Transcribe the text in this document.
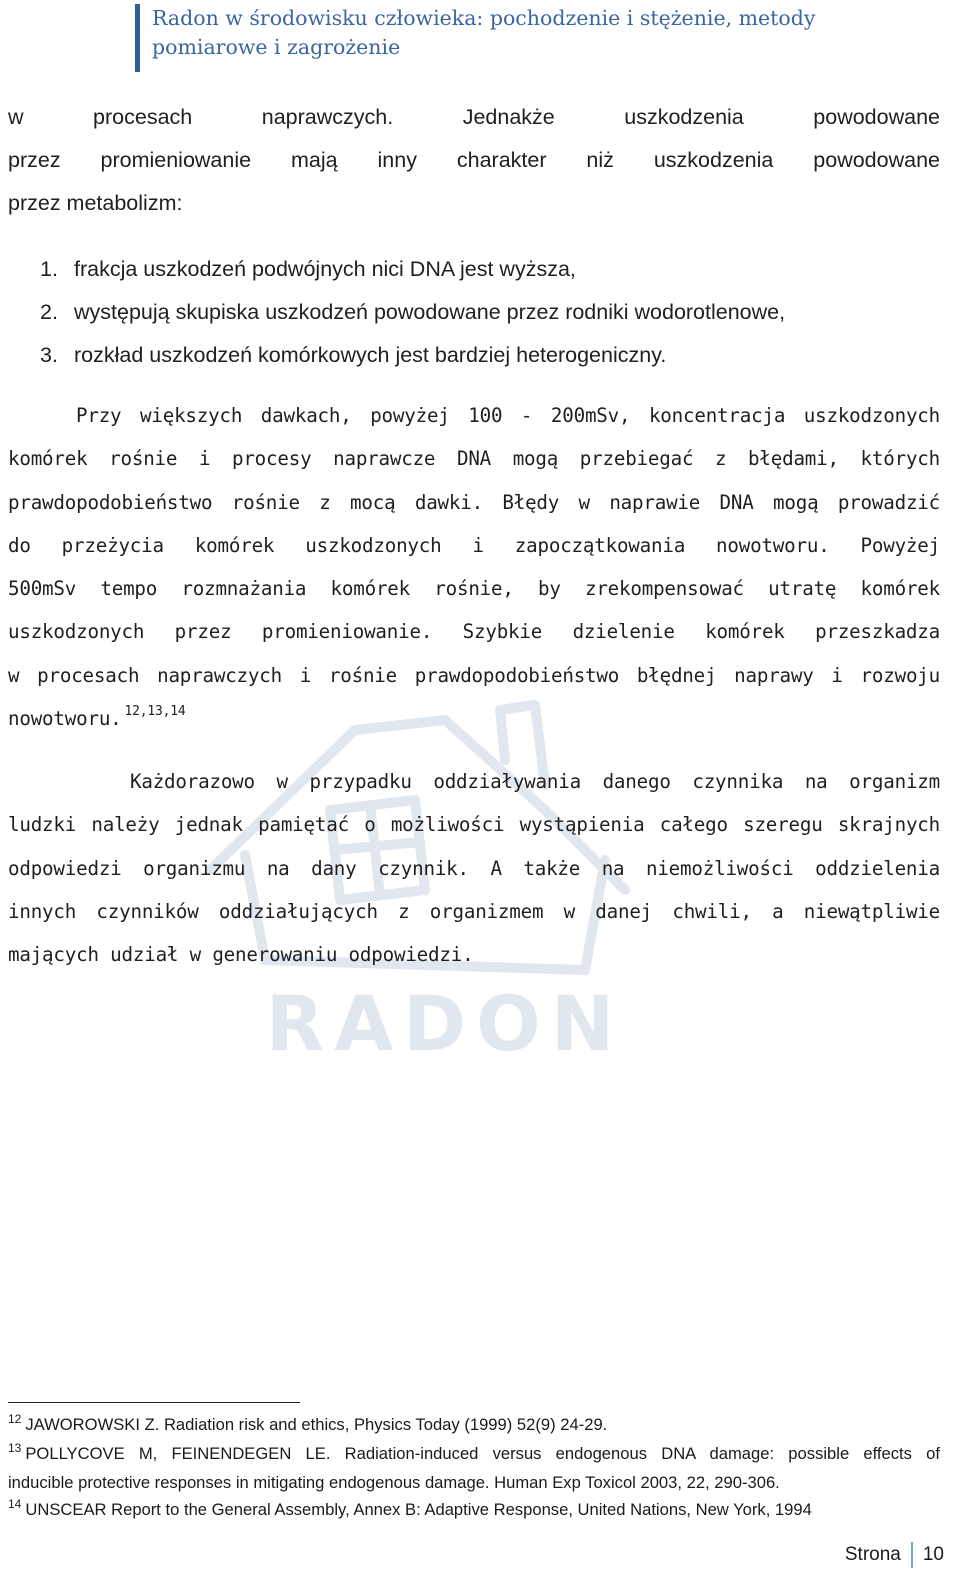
Radon w środowisku człowieka: pochodzenie i stężenie, metody
pomiarowe i zagrożenie
RADON
w procesach naprawczych. Jednakże uszkodzenia powodowane
przez promieniowanie mają inny charakter niż uszkodzenia powodowane
przez metabolizm:
1. frakcja uszkodzeń podwójnych nici DNA jest wyższa,
2. występują skupiska uszkodzeń powodowane przez rodniki wodorotlenowe,
3. rozkład uszkodzeń komórkowych jest bardziej heterogeniczny.
Przy większych dawkach, powyżej 100 - 200mSv, koncentracja uszkodzonych
komórek rośnie i procesy naprawcze DNA mogą przebiegać z błędami, których
prawdopodobieństwo rośnie z mocą dawki. Błędy w naprawie DNA mogą prowadzić
do przeżycia komórek uszkodzonych i zapoczątkowania nowotworu. Powyżej
500mSv tempo rozmnażania komórek rośnie, by zrekompensować utratę komórek
uszkodzonych przez promieniowanie. Szybkie dzielenie komórek przeszkadza
w procesach naprawczych i rośnie prawdopodobieństwo błędnej naprawy i rozwoju
nowotworu. $^{12,13,14}$
Każdorazowo w przypadku oddziaływania danego czynnika na organizm
ludzki należy jednak pamiętać o możliwości wystąpienia całego szeregu skrajnych
odpowiedzi organizmu na dany czynnik. A także na niemożliwości oddzielenia
innych czynników oddziałujących z organizmem w danej chwili, a niewątpliwie
mających udział w generowaniu odpowiedzi.
$^{12}$ JAWOROWSKI Z. Radiation risk and ethics, Physics Today (1999) 52(9) 24-29.
$^{13}$ POLLYCOVE M, FEINENDEGEN LE. Radiation-induced versus endogenous DNA damage: possible effects of
inducible protective responses in mitigating endogenous damage. Human Exp Toxicol 2003, 22, 290-306.
$^{14}$ UNSCEAR Report to the General Assembly, Annex B: Adaptive Response, United Nations, New York, 1994
Strona 10
